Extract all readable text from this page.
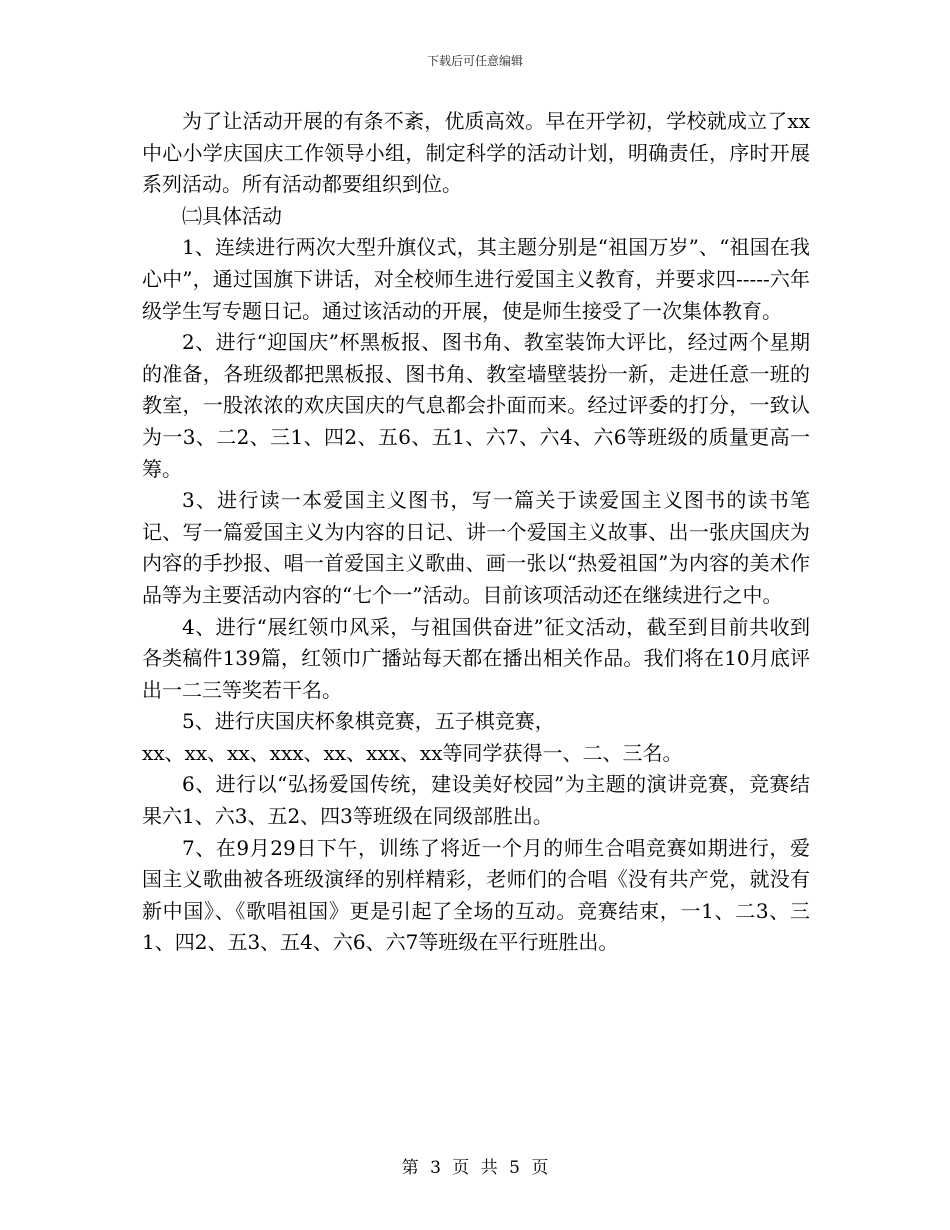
下载后可任意编辑

为了让活动开展的有条不紊，优质高效。早在开学初，学校就成立了xx中心小学庆国庆工作领导小组，制定科学的活动计划，明确责任，序时开展系列活动。所有活动都要组织到位。

㈡具体活动

1、连续进行两次大型升旗仪式，其主题分别是“祖国万岁”、“祖国在我心中”，通过国旗下讲话，对全校师生进行爱国主义教育，并要求四-----六年级学生写专题日记。通过该活动的开展，使是师生接受了一次集体教育。

2、进行“迎国庆”杯黑板报、图书角、教室装饰大评比，经过两个星期的准备，各班级都把黑板报、图书角、教室墙壁装扮一新，走进任意一班的教室，一股浓浓的欢庆国庆的气息都会扑面而来。经过评委的打分，一致认为一3、二2、三1、四2、五6、五1、六7、六4、六6等班级的质量更高一筹。

3、进行读一本爱国主义图书，写一篇关于读爱国主义图书的读书笔记、写一篇爱国主义为内容的日记、讲一个爱国主义故事、出一张庆国庆为内容的手抄报、唱一首爱国主义歌曲、画一张以“热爱祖国”为内容的美术作品等为主要活动内容的“七个一”活动。目前该项活动还在继续进行之中。

4、进行“展红领巾风采，与祖国供奋进”征文活动，截至到目前共收到各类稿件139篇，红领巾广播站每天都在播出相关作品。我们将在10月底评出一二三等奖若干名。

5、进行庆国庆杯象棋竞赛，五子棋竞赛，

xx、xx、xx、xxx、xx、xxx、xx等同学获得一、二、三名。

6、进行以“弘扬爱国传统，建设美好校园”为主题的演讲竞赛，竞赛结果六1、六3、五2、四3等班级在同级部胜出。

7、在9月29日下午，训练了将近一个月的师生合唱竞赛如期进行，爱国主义歌曲被各班级演绎的别样精彩，老师们的合唱《没有共产党，就没有新中国》、《歌唱祖国》更是引起了全场的互动。竞赛结束，一1、二3、三1、四2、五3、五4、六6、六7等班级在平行班胜出。

第 3 页 共 5 页
